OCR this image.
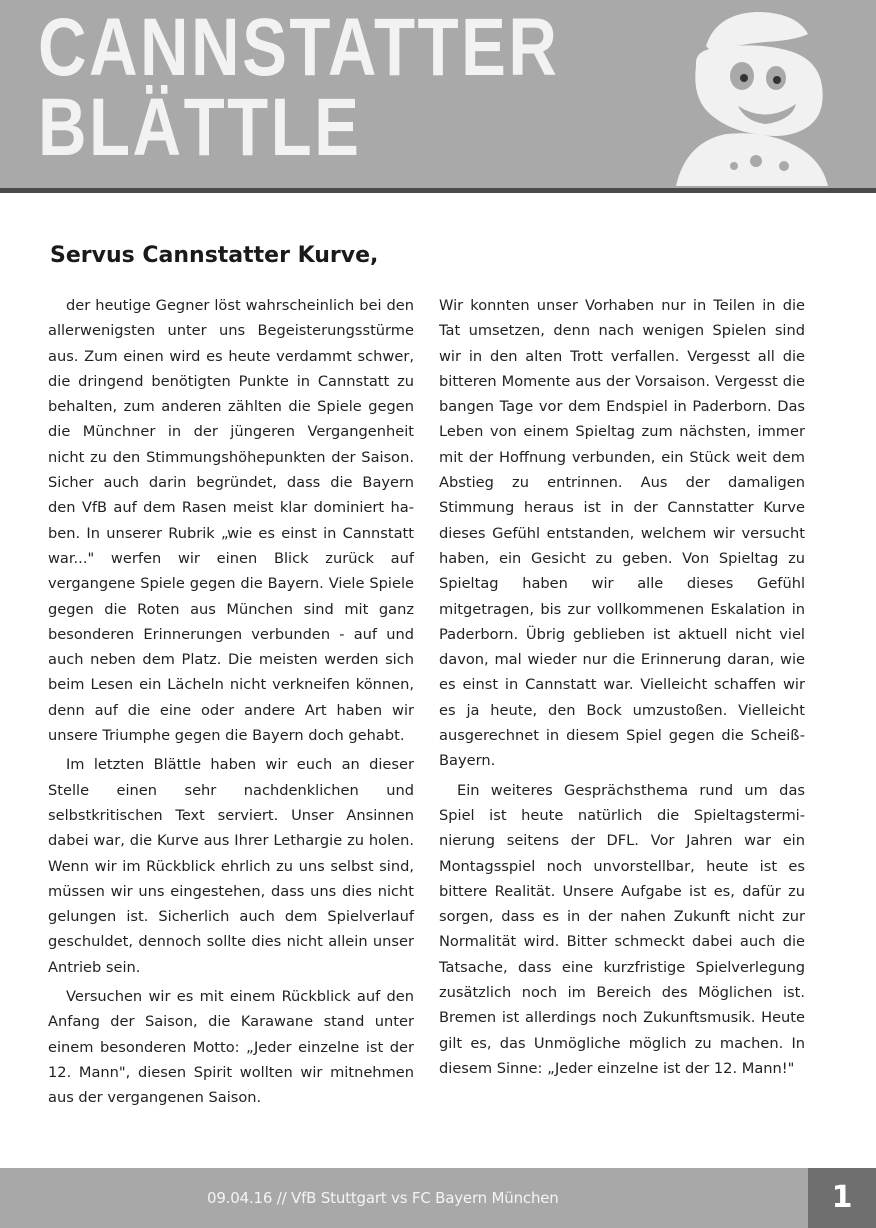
CANNSTATTER
BLÄTTLE
Servus Cannstatter Kurve,

der heutige Gegner löst wahrscheinlich bei den allerwenigsten unter uns Begeisterungsstürme aus. Zum einen wird es heute verdammt schwer, die dringend benötigten Punkte in Cannstatt zu behalten, zum anderen zählten die Spiele gegen die Münchner in der jüngeren Vergangenheit nicht zu den Stimmungshöhepunkten der Saison. Sicher auch darin begründet, dass die Bayern den VfB auf dem Rasen meist klar dominiert haben. In unserer Rubrik „wie es einst in Cannstatt war..." werfen wir einen Blick zurück auf vergangene Spiele gegen die Bayern. Viele Spiele gegen die Roten aus München sind mit ganz besonderen Erinnerungen verbunden - auf und auch neben dem Platz. Die meisten werden sich beim Lesen ein Lächeln nicht verkneifen können, denn auf die eine oder andere Art haben wir unsere Triumphe gegen die Bayern doch gehabt.

Im letzten Blättle haben wir euch an dieser Stelle einen sehr nachdenklichen und selbstkritischen Text serviert. Unser Ansinnen dabei war, die Kurve aus Ihrer Lethargie zu holen. Wenn wir im Rückblick ehrlich zu uns selbst sind, müssen wir uns eingestehen, dass uns dies nicht gelungen ist. Sicherlich auch dem Spielverlauf geschuldet, dennoch sollte dies nicht allein unser Antrieb sein.

Versuchen wir es mit einem Rückblick auf den Anfang der Saison, die Karawane stand unter einem besonderen Motto: „Jeder einzelne ist der 12. Mann", diesen Spirit wollten wir mitnehmen aus der vergangenen Saison.

Wir konnten unser Vorhaben nur in Teilen in die Tat umsetzen, denn nach wenigen Spielen sind wir in den alten Trott verfallen. Vergesst all die bitteren Momente aus der Vorsaison. Vergesst die bangen Tage vor dem Endspiel in Paderborn. Das Leben von einem Spieltag zum nächsten, immer mit der Hoffnung verbunden, ein Stück weit dem Abstieg zu entrinnen. Aus der damaligen Stimmung heraus ist in der Cannstatter Kurve dieses Gefühl entstanden, welchem wir versucht haben, ein Gesicht zu geben. Von Spieltag zu Spieltag haben wir alle dieses Gefühl mitgetragen, bis zur vollkommenen Eskalation in Paderborn. Übrig geblieben ist aktuell nicht viel davon, mal wieder nur die Erinnerung daran, wie es einst in Cannstatt war. Vielleicht schaffen wir es ja heute, den Bock umzustoßen. Vielleicht ausgerechnet in diesem Spiel gegen die Scheiß-Bayern.

Ein weiteres Gesprächsthema rund um das Spiel ist heute natürlich die Spieltagsterminierung seitens der DFL. Vor Jahren war ein Montagsspiel noch unvorstellbar, heute ist es bittere Realität. Unsere Aufgabe ist es, dafür zu sorgen, dass es in der nahen Zukunft nicht zur Normalität wird. Bitter schmeckt dabei auch die Tatsache, dass eine kurzfristige Spielverlegung zusätzlich noch im Bereich des Möglichen ist. Bremen ist allerdings noch Zukunftsmusik. Heute gilt es, das Unmögliche möglich zu machen. In diesem Sinne: „Jeder einzelne ist der 12. Mann!"

09.04.16 // VfB Stuttgart vs FC Bayern München	1
